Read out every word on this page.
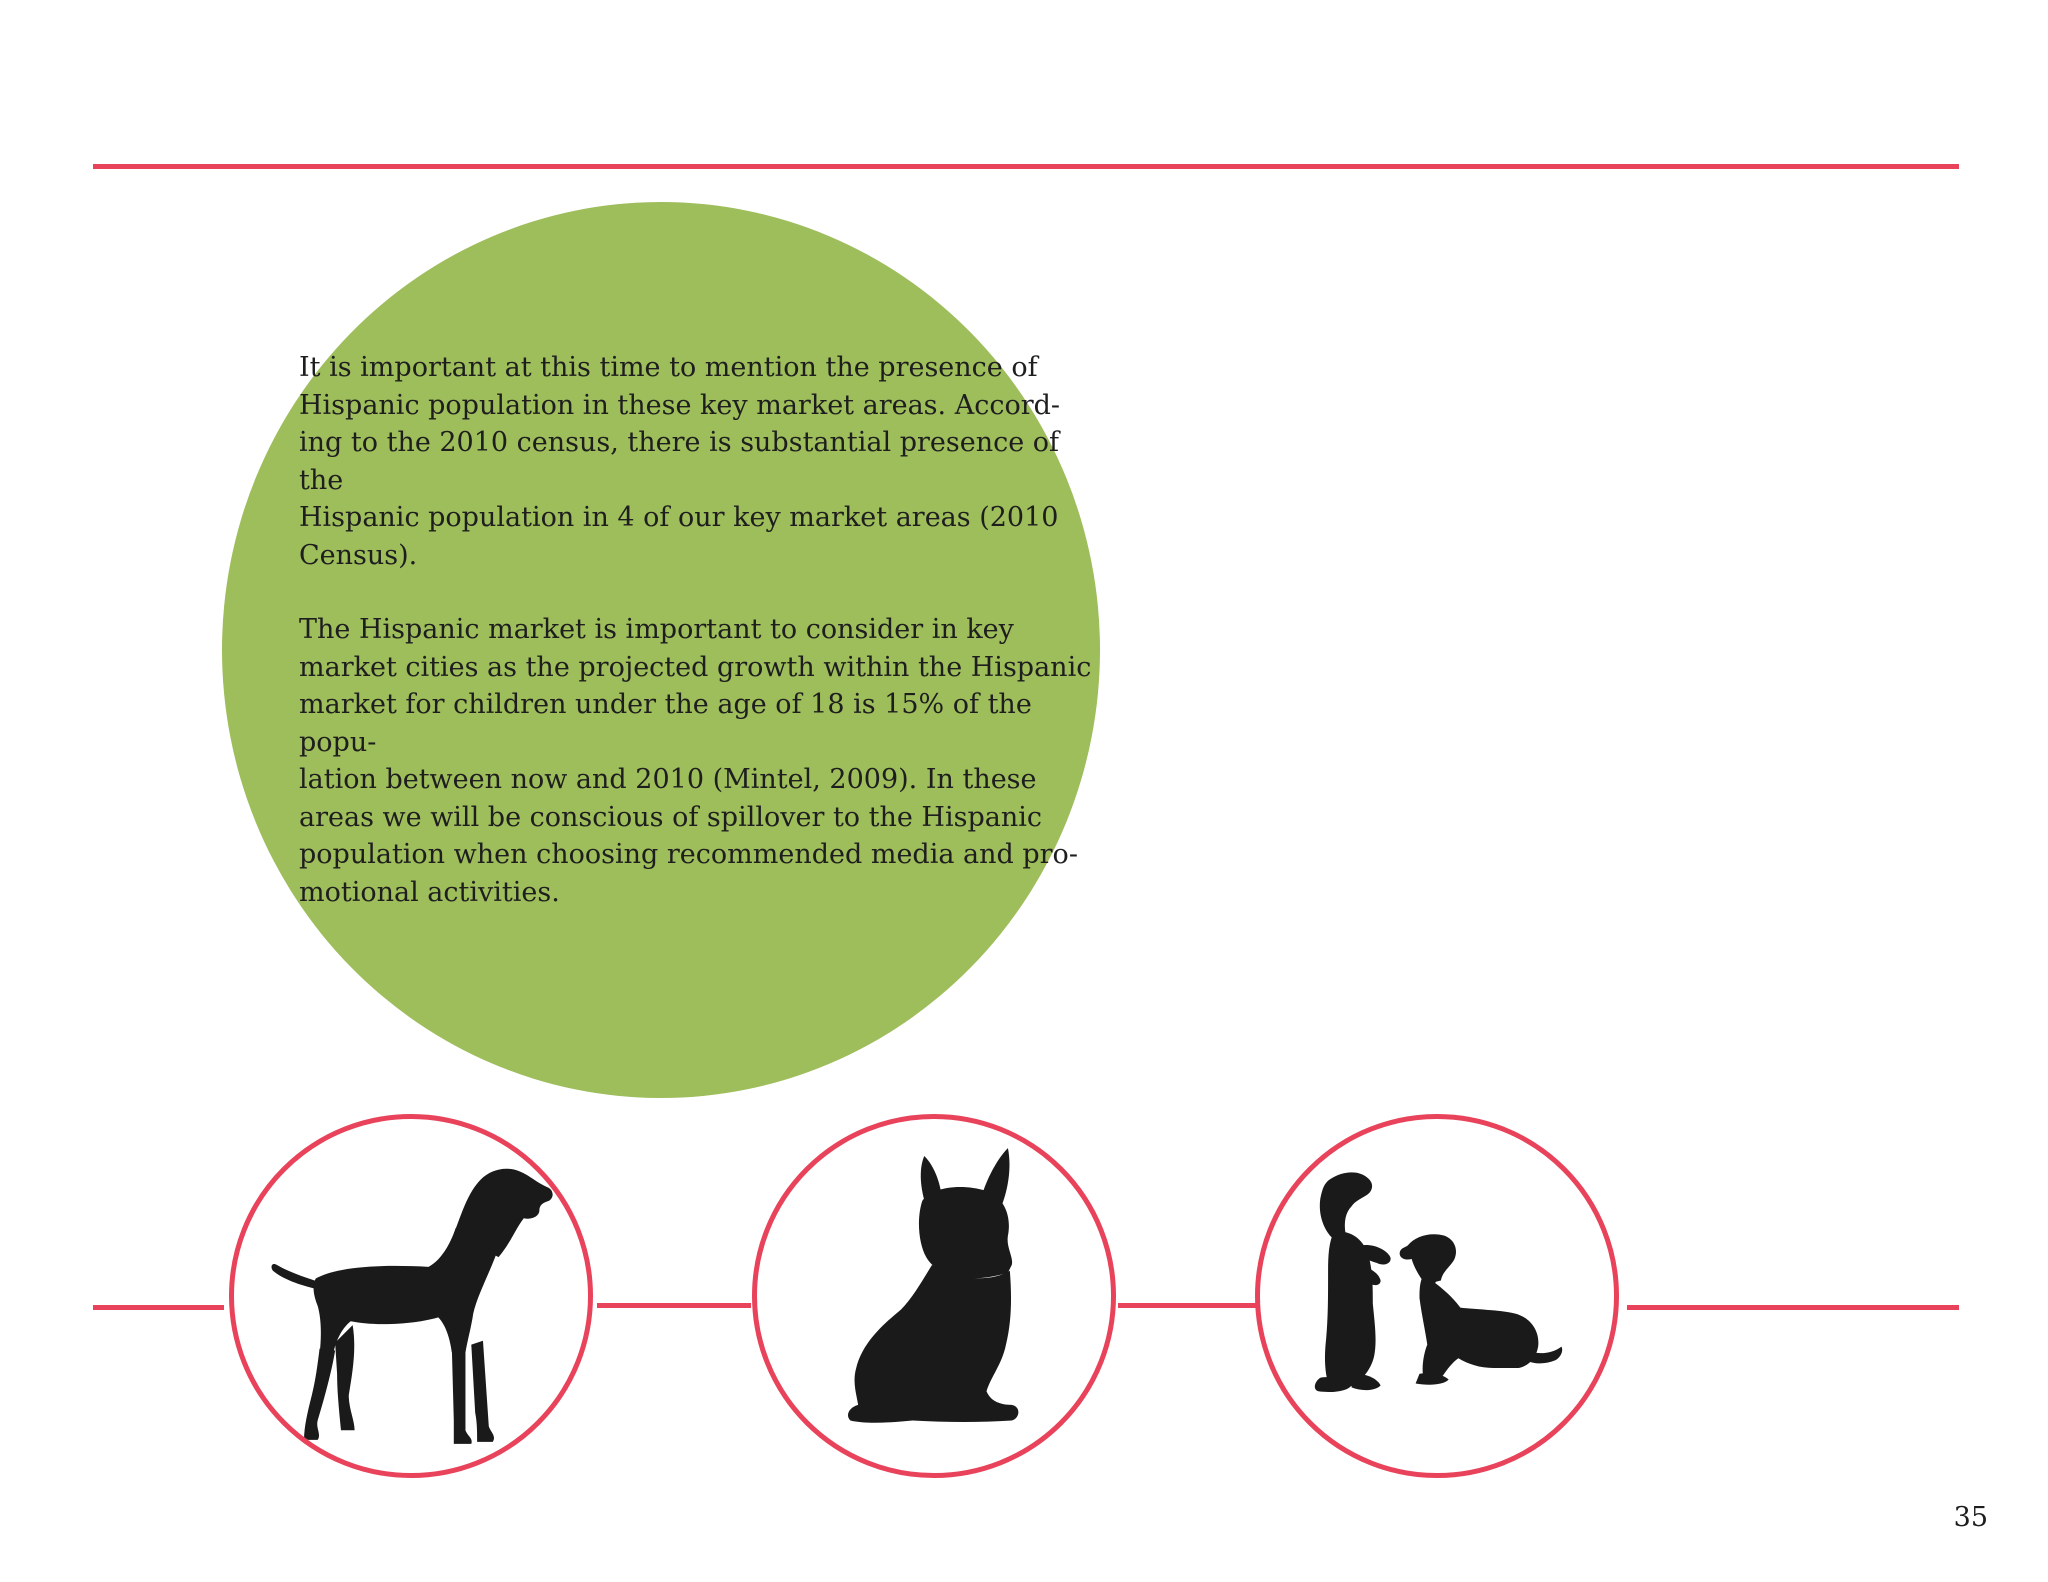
It is important at this time to mention the presence of
Hispanic population in these key market areas. Accord-
ing to the 2010 census, there is substantial presence of the
Hispanic population in 4 of our key market areas (2010
Census).

The Hispanic market is important to consider in key
market cities as the projected growth within the Hispanic
market for children under the age of 18 is 15% of the popu-
lation between now and 2010 (Mintel, 2009). In these
areas we will be conscious of spillover to the Hispanic
population when choosing recommended media and pro-
motional activities.

35
